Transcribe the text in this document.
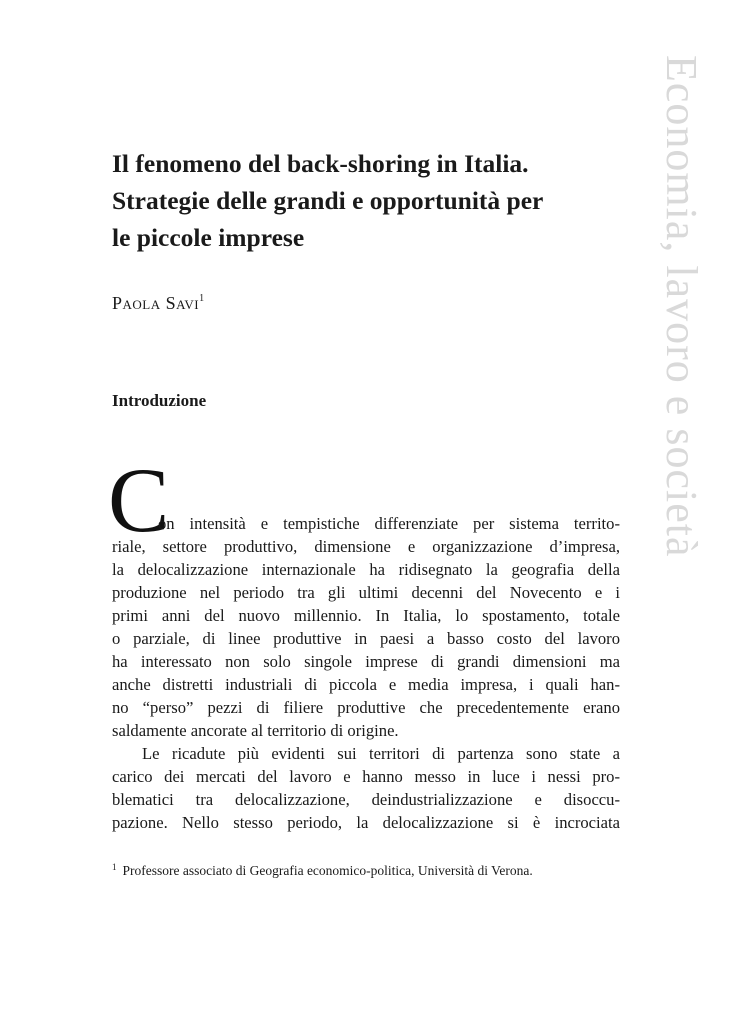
Economia, lavoro e società
Il fenomeno del back-shoring in Italia.
Strategie delle grandi e opportunità per
le piccole imprese
Paola Savi$^1$
Introduzione
C
on intensità e tempistiche differenziate per sistema territo-
riale, settore produttivo, dimensione e organizzazione d’impresa,
la delocalizzazione internazionale ha ridisegnato la geografia della
produzione nel periodo tra gli ultimi decenni del Novecento e i
primi anni del nuovo millennio. In Italia, lo spostamento, totale
o parziale, di linee produttive in paesi a basso costo del lavoro
ha interessato non solo singole imprese di grandi dimensioni ma
anche distretti industriali di piccola e media impresa, i quali han-
no “perso” pezzi di filiere produttive che precedentemente erano
saldamente ancorate al territorio di origine.
Le ricadute più evidenti sui territori di partenza sono state a
carico dei mercati del lavoro e hanno messo in luce i nessi pro-
blematici tra delocalizzazione, deindustrializzazione e disoccu-
pazione. Nello stesso periodo, la delocalizzazione si è incrociata
$^1$ Professore associato di Geografia economico-politica, Università di Verona.
